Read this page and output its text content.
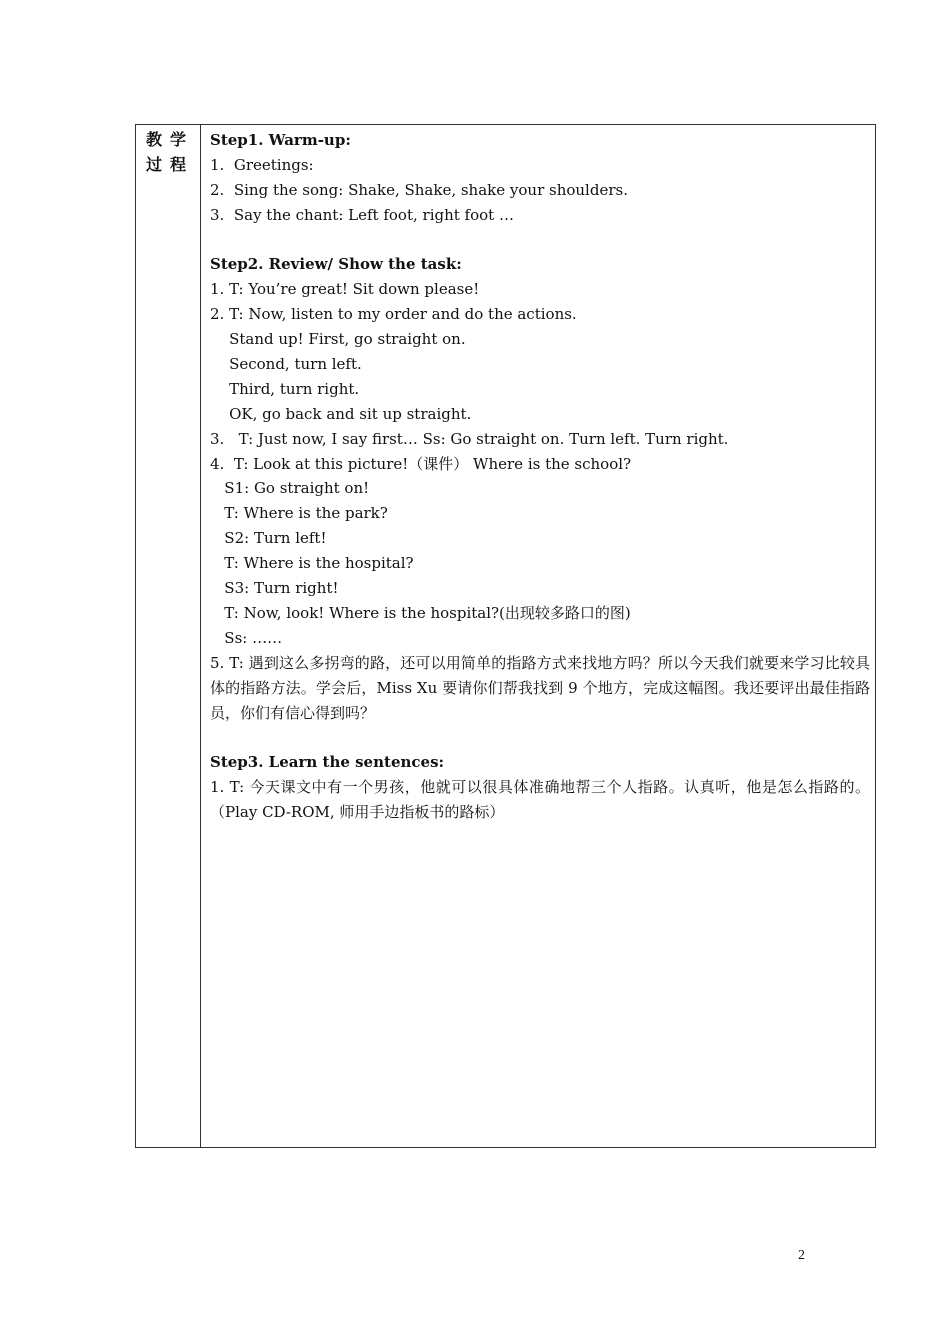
教学
过程
Step1. Warm-up:
1.  Greetings:
2.  Sing the song: Shake, Shake, shake your shoulders.
3.  Say the chant: Left foot, right foot …
Step2. Review/ Show the task:
1. T: You’re great! Sit down please!
2. T: Now, listen to my order and do the actions.
Stand up! First, go straight on.
Second, turn left.
Third, turn right.
OK, go back and sit up straight.
3.   T: Just now, I say first… Ss: Go straight on. Turn left. Turn right.
4.  T: Look at this picture!（课件） Where is the school?
S1: Go straight on!
T: Where is the park?
S2: Turn left!
T: Where is the hospital?
S3: Turn right!
T: Now, look! Where is the hospital?(出现较多路口的图)
Ss: ……
5. T: 遇到这么多拐弯的路，还可以用简单的指路方式来找地方吗？所以今天我们就要来学习比较具体的指路方法。学会后，Miss Xu 要请你们帮我找到 9 个地方，完成这幅图。我还要评出最佳指路员，你们有信心得到吗？
Step3. Learn the sentences:
1. T: 今天课文中有一个男孩，他就可以很具体准确地帮三个人指路。认真听，他是怎么指路的。（Play CD-ROM, 师用手边指板书的路标）
2
